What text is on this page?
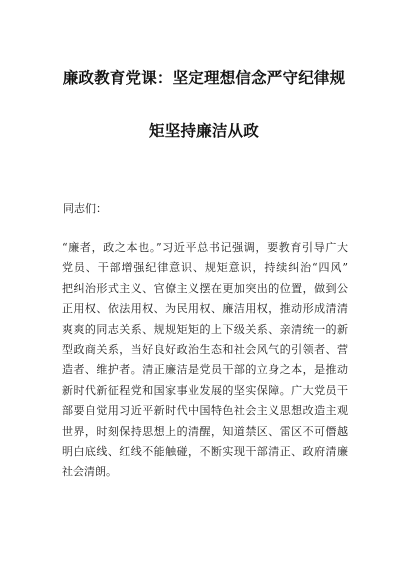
廉政教育党课：坚定理想信念严守纪律规
矩坚持廉洁从政
同志们：
“廉者，政之本也。”习近平总书记强调，要教育引导广大
党员、干部增强纪律意识、规矩意识，持续纠治“四风”
把纠治形式主义、官僚主义摆在更加突出的位置，做到公
正用权、依法用权、为民用权、廉洁用权，推动形成清清
爽爽的同志关系、规规矩矩的上下级关系、亲清统一的新
型政商关系，当好良好政治生态和社会风气的引领者、营
造者、维护者。清正廉洁是党员干部的立身之本，是推动
新时代新征程党和国家事业发展的坚实保障。广大党员干
部要自觉用习近平新时代中国特色社会主义思想改造主观
世界，时刻保持思想上的清醒，知道禁区、雷区不可僭越
明白底线、红线不能触碰，不断实现干部清正、政府清廉
社会清朗。
